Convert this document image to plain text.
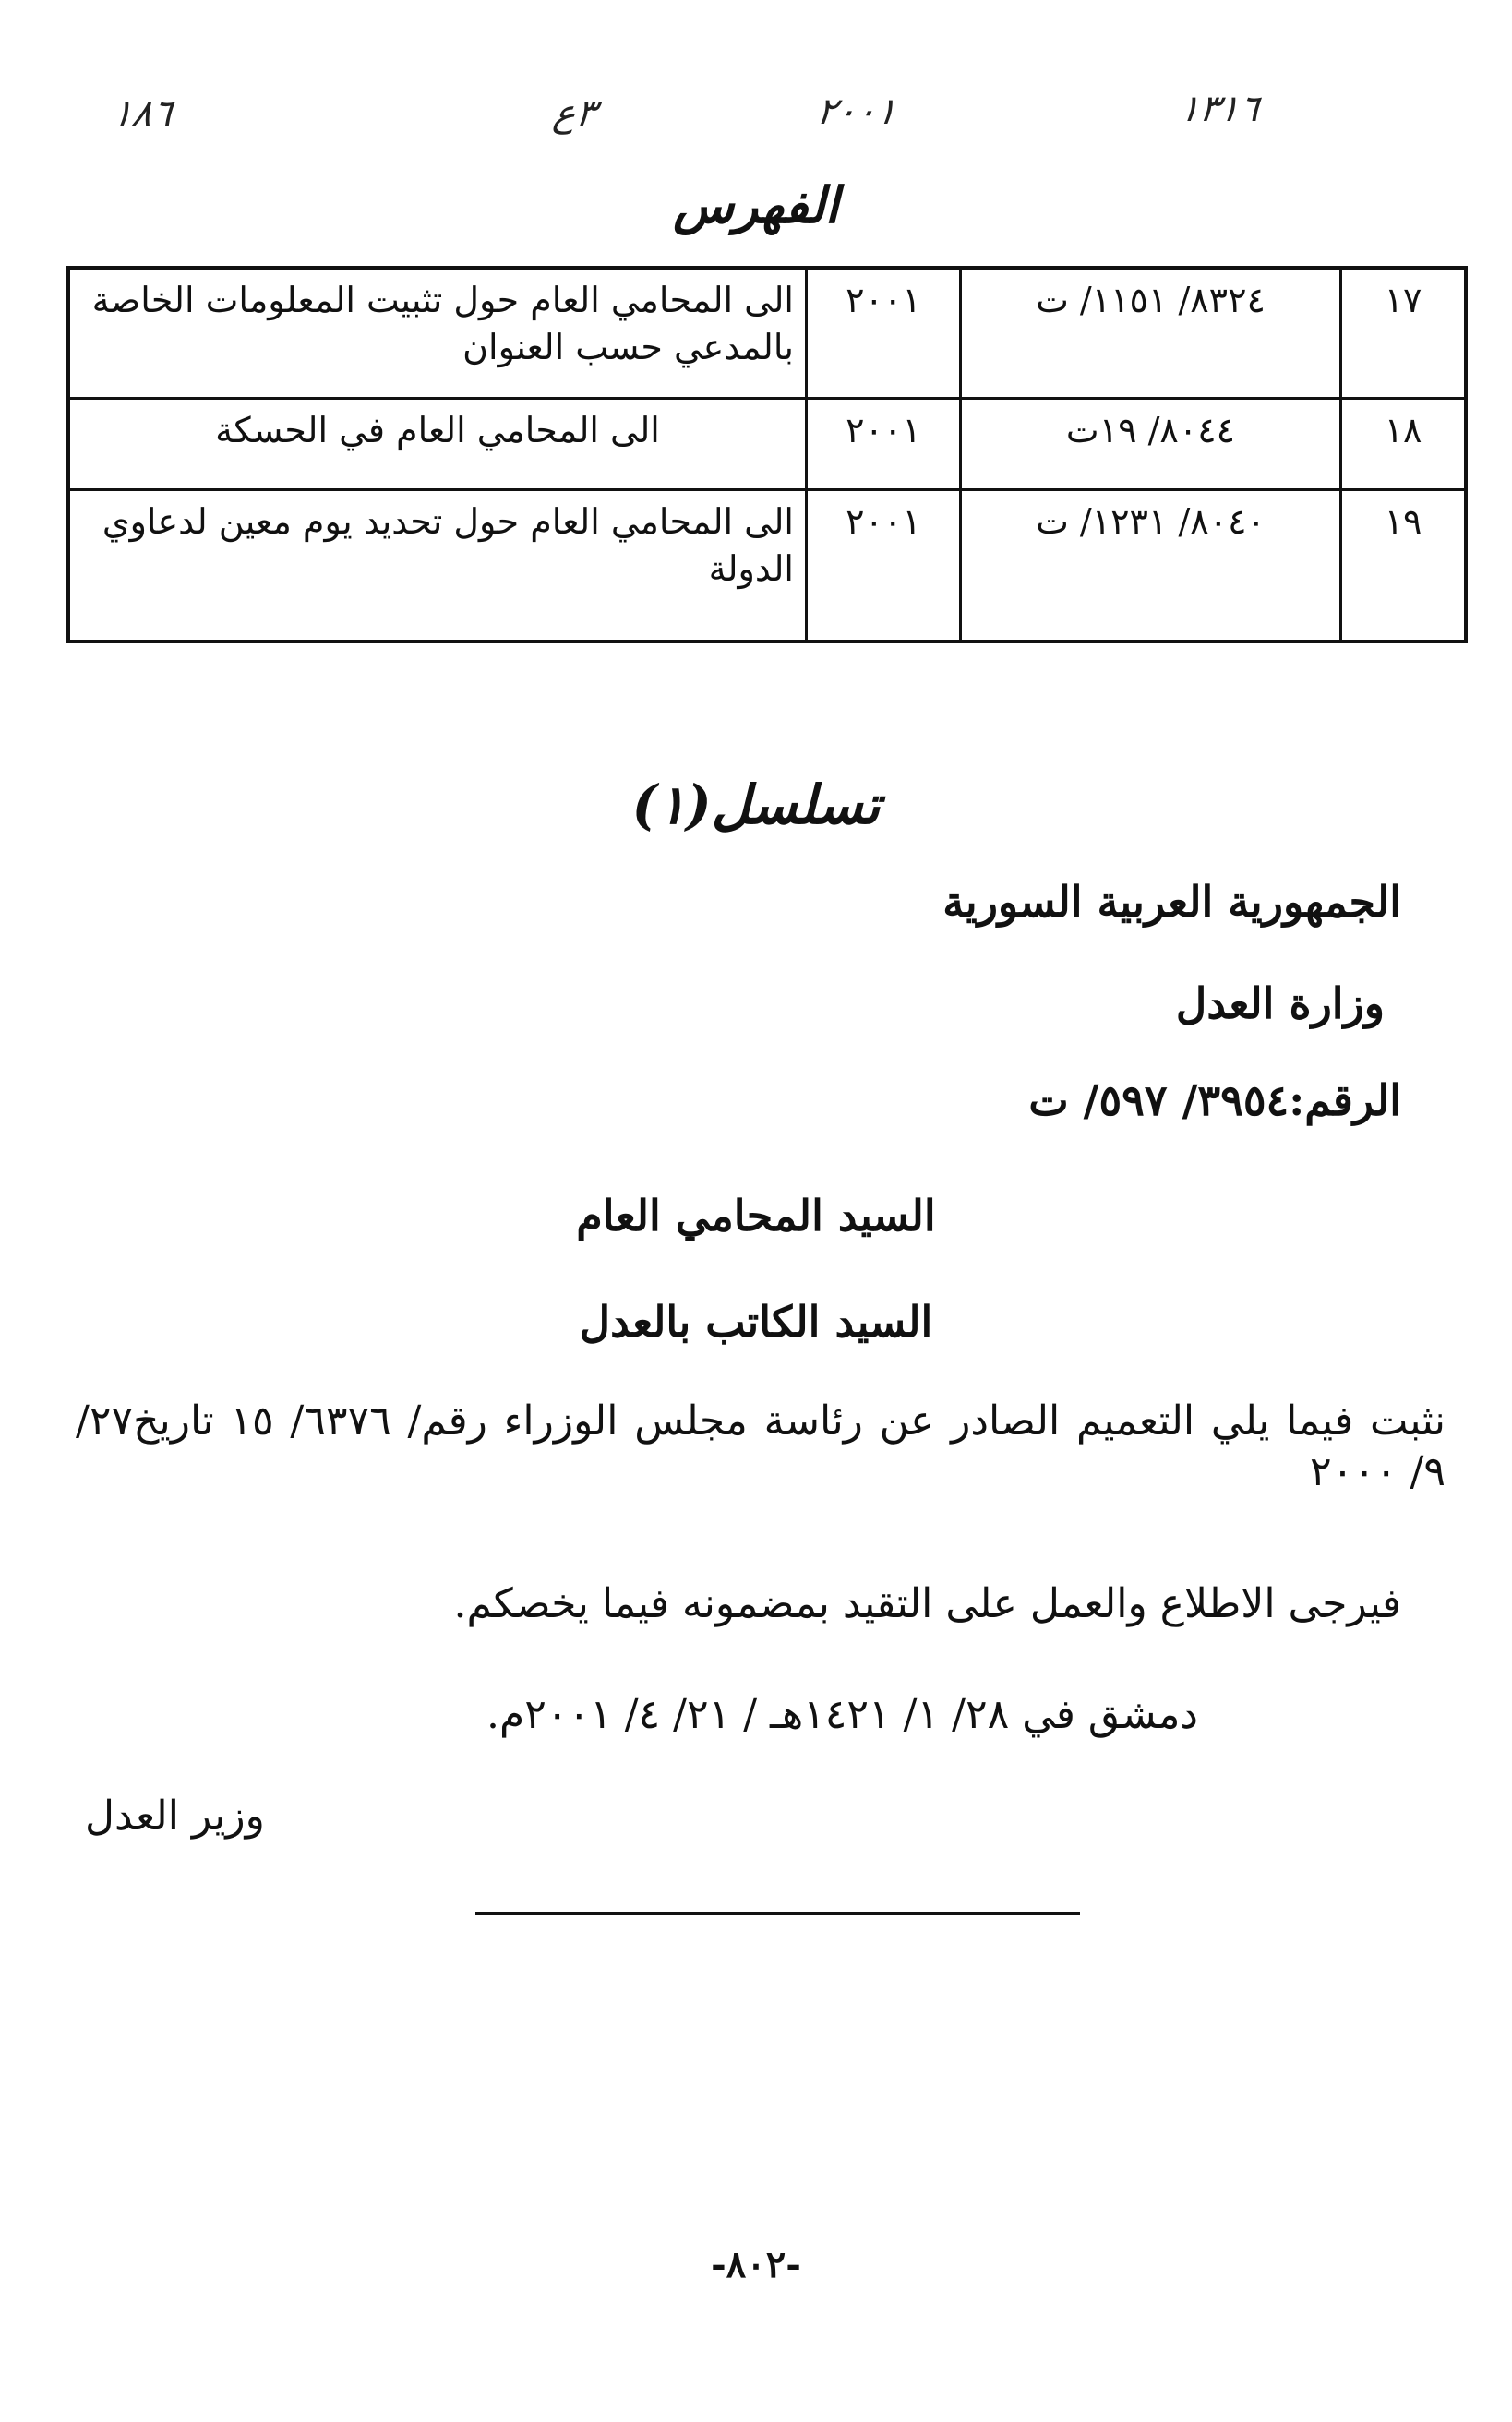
١٨٦	٣ع	٢٠٠١	١٣١٦
الفهرس
١٧	٨٣٢٤/ ١١٥١/ ت	٢٠٠١	الى المحامي العام حول تثبيت المعلومات الخاصة بالمدعي حسب العنوان
١٨	٨٠٤٤/ ١٩ت	٢٠٠١	الى المحامي العام في الحسكة
١٩	٨٠٤٠/ ١٢٣١/ ت	٢٠٠١	الى المحامي العام حول تحديد يوم معين لدعاوي الدولة
تسلسل(١)
الجمهورية العربية السورية
وزارة العدل
الرقم:٣٩٥٤/ ٥٩٧/ ت
السيد المحامي العام
السيد الكاتب بالعدل
نثبت فيما يلي التعميم الصادر عن رئاسة مجلس الوزراء رقم/ ٦٣٧٦/ ١٥ تاريخ٢٧/ ٩/ ٢٠٠٠
فيرجى الاطلاع والعمل على التقيد بمضمونه فيما يخصكم.
دمشق في ٢٨/ ١/ ١٤٢١هـ / ٢١/ ٤/ ٢٠٠١م.
وزير العدل
-٨٠٢-
